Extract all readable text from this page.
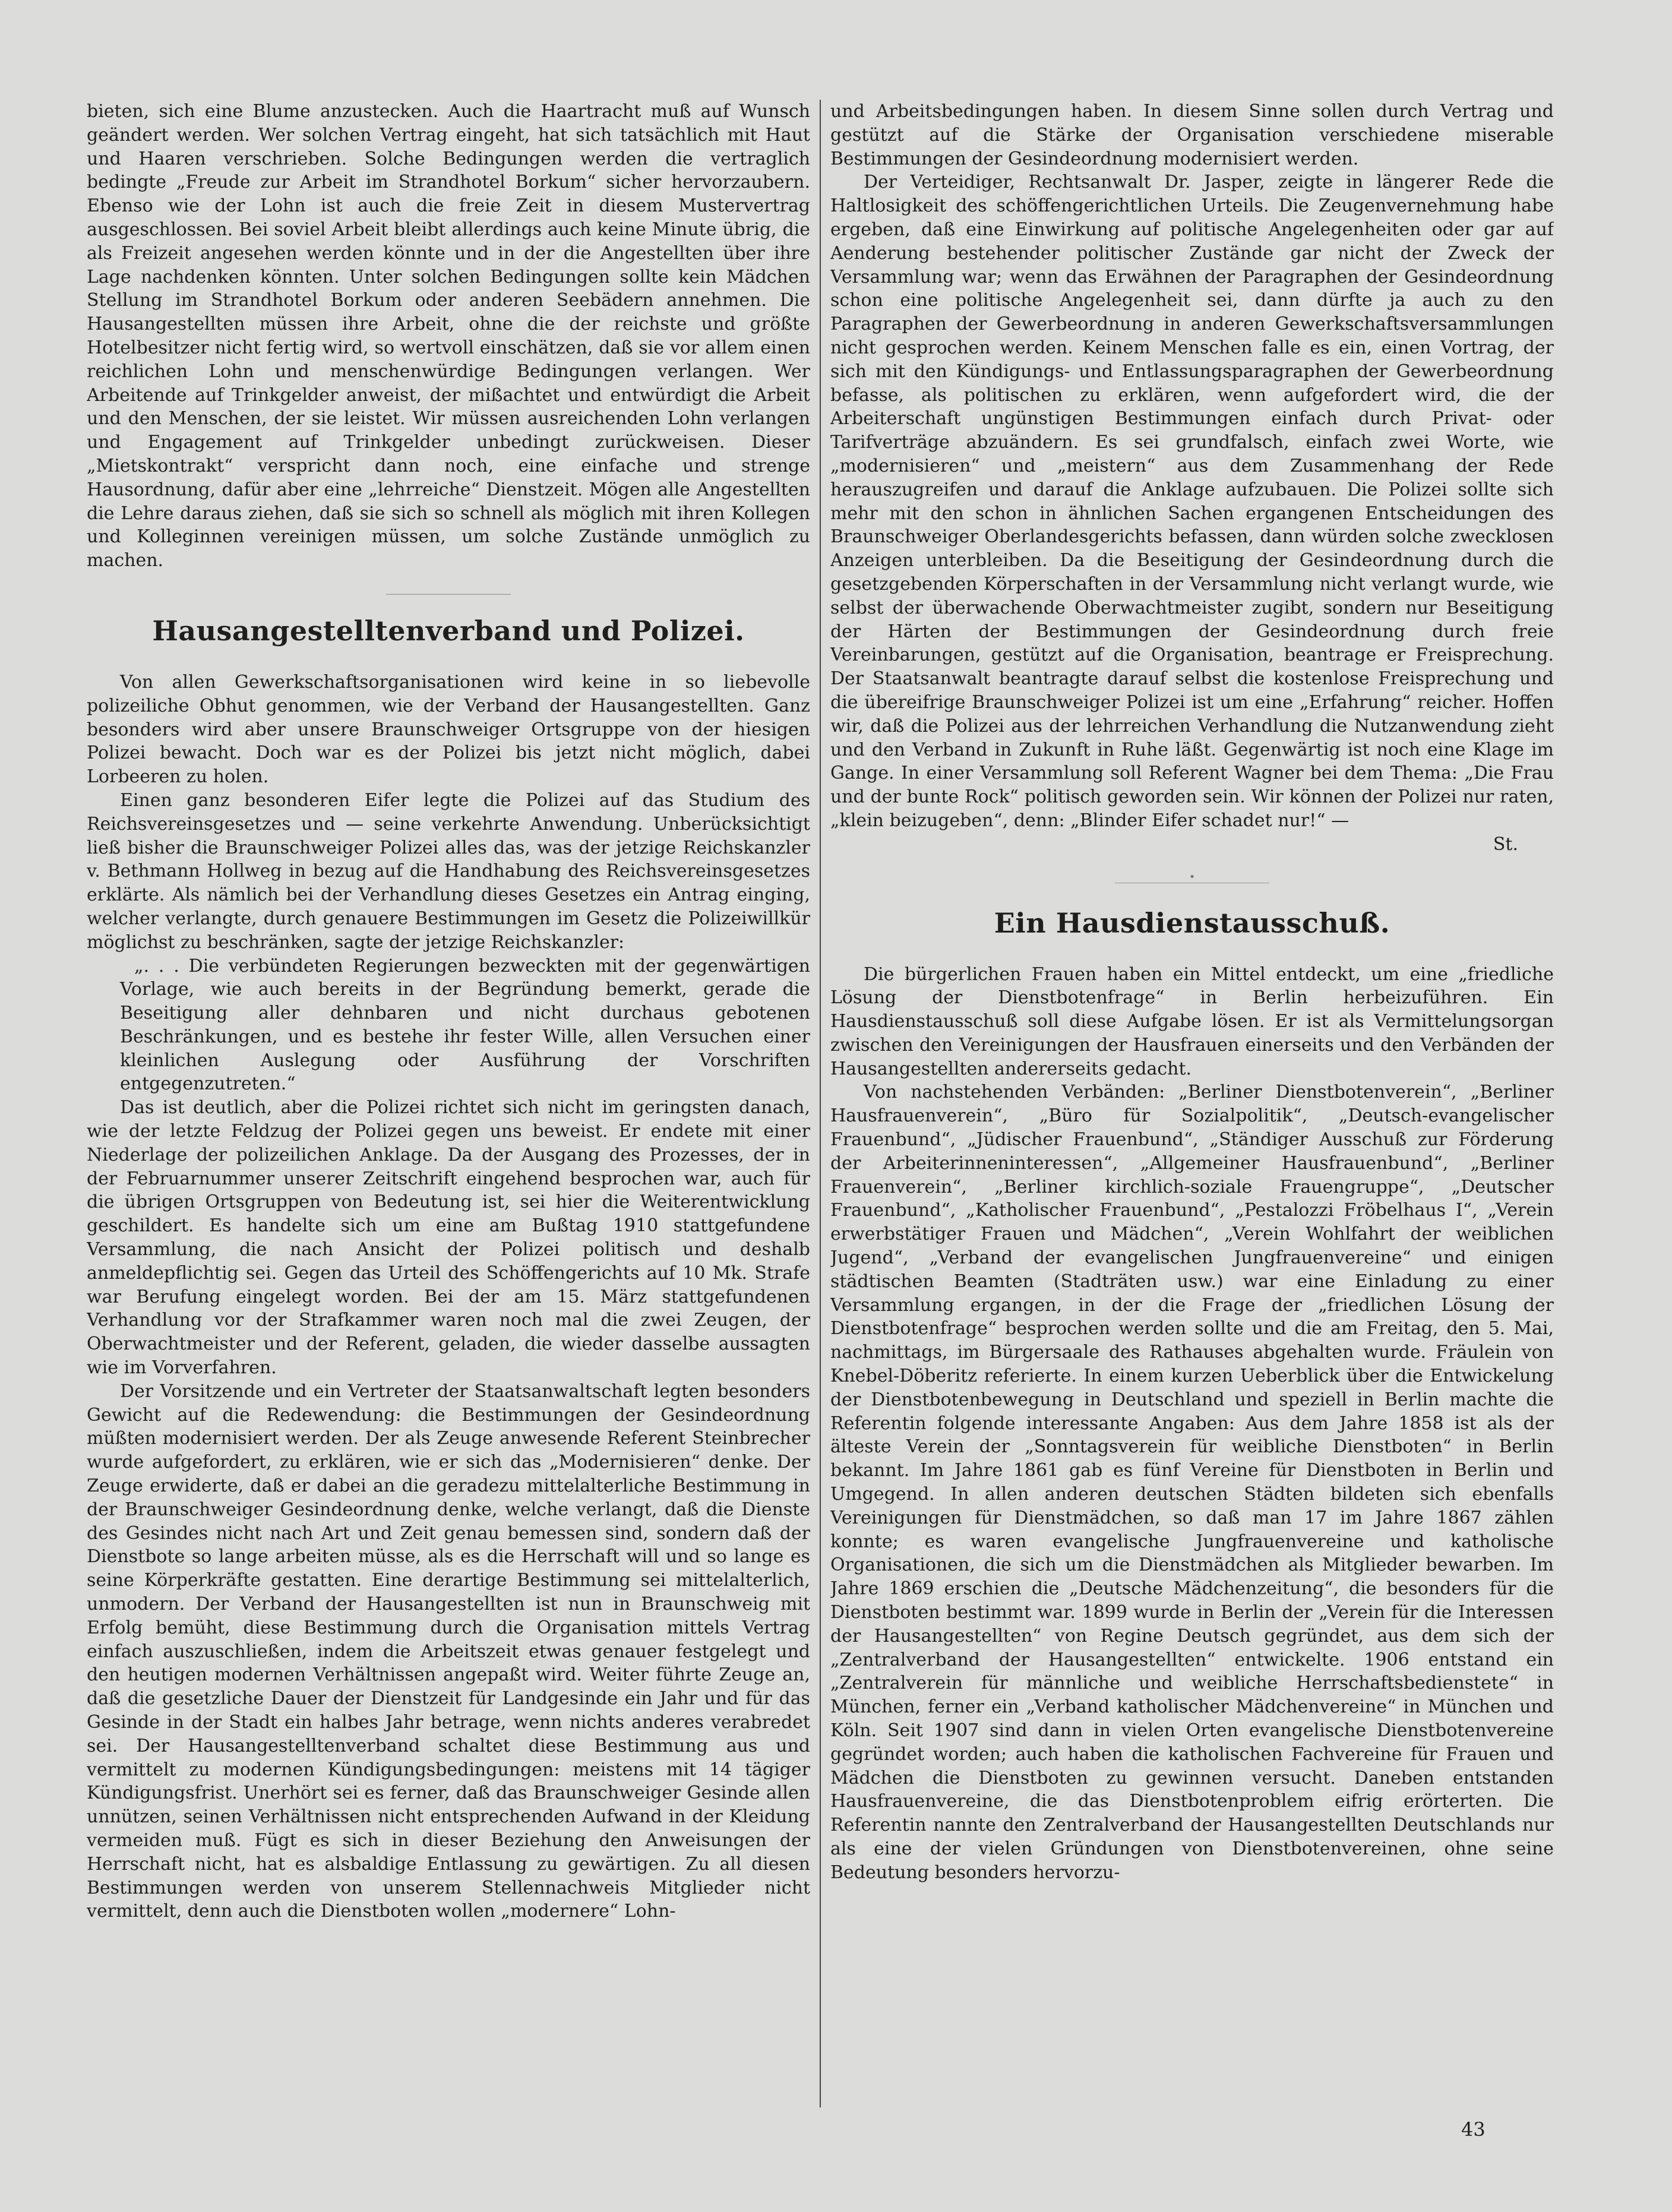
bieten, sich eine Blume anzustecken. Auch die Haartracht muß auf Wunsch geändert werden. Wer solchen Vertrag eingeht, hat sich tatsächlich mit Haut und Haaren verschrieben. Solche Bedingungen werden die vertraglich bedingte „Freude zur Arbeit im Strandhotel Borkum“ sicher hervorzaubern. Ebenso wie der Lohn ist auch die freie Zeit in diesem Mustervertrag ausgeschlossen. Bei soviel Arbeit bleibt allerdings auch keine Minute übrig, die als Freizeit angesehen werden könnte und in der die Angestellten über ihre Lage nachdenken könnten. Unter solchen Bedingungen sollte kein Mädchen Stellung im Strandhotel Borkum oder anderen Seebädern annehmen. Die Hausangestellten müssen ihre Arbeit, ohne die der reichste und größte Hotelbesitzer nicht fertig wird, so wertvoll einschätzen, daß sie vor allem einen reichlichen Lohn und menschenwürdige Bedingungen verlangen. Wer Arbeitende auf Trinkgelder anweist, der mißachtet und entwürdigt die Arbeit und den Menschen, der sie leistet. Wir müssen ausreichenden Lohn verlangen und Engagement auf Trinkgelder unbedingt zurückweisen. Dieser „Mietskontrakt“ verspricht dann noch, eine einfache und strenge Hausordnung, dafür aber eine „lehrreiche“ Dienstzeit. Mögen alle Angestellten die Lehre daraus ziehen, daß sie sich so schnell als möglich mit ihren Kollegen und Kolleginnen vereinigen müssen, um solche Zustände unmöglich zu machen.

Hausangestelltenverband und Polizei.

Von allen Gewerkschaftsorganisationen wird keine in so liebevolle polizeiliche Obhut genommen, wie der Verband der Hausangestellten. Ganz besonders wird aber unsere Braunschweiger Ortsgruppe von der hiesigen Polizei bewacht. Doch war es der Polizei bis jetzt nicht möglich, dabei Lorbeeren zu holen.

Einen ganz besonderen Eifer legte die Polizei auf das Studium des Reichsvereinsgesetzes und — seine verkehrte Anwendung. Unberücksichtigt ließ bisher die Braunschweiger Polizei alles das, was der jetzige Reichskanzler v. Bethmann Hollweg in bezug auf die Handhabung des Reichsvereinsgesetzes erklärte. Als nämlich bei der Verhandlung dieses Gesetzes ein Antrag einging, welcher verlangte, durch genauere Bestimmungen im Gesetz die Polizeiwillkür möglichst zu beschränken, sagte der jetzige Reichskanzler:

„. . . Die verbündeten Regierungen bezweckten mit der gegenwärtigen Vorlage, wie auch bereits in der Begründung bemerkt, gerade die Beseitigung aller dehnbaren und nicht durchaus gebotenen Beschränkungen, und es bestehe ihr fester Wille, allen Versuchen einer kleinlichen Auslegung oder Ausführung der Vorschriften entgegenzutreten.“

Das ist deutlich, aber die Polizei richtet sich nicht im geringsten danach, wie der letzte Feldzug der Polizei gegen uns beweist. Er endete mit einer Niederlage der polizeilichen Anklage. Da der Ausgang des Prozesses, der in der Februarnummer unserer Zeitschrift eingehend besprochen war, auch für die übrigen Ortsgruppen von Bedeutung ist, sei hier die Weiterentwicklung geschildert. Es handelte sich um eine am Bußtag 1910 stattgefundene Versammlung, die nach Ansicht der Polizei politisch und deshalb anmeldepflichtig sei. Gegen das Urteil des Schöffengerichts auf 10 Mk. Strafe war Berufung eingelegt worden. Bei der am 15. März stattgefundenen Verhandlung vor der Strafkammer waren noch mal die zwei Zeugen, der Oberwachtmeister und der Referent, geladen, die wieder dasselbe aussagten wie im Vorverfahren.

Der Vorsitzende und ein Vertreter der Staatsanwaltschaft legten besonders Gewicht auf die Redewendung: die Bestimmungen der Gesindeordnung müßten modernisiert werden. Der als Zeuge anwesende Referent Steinbrecher wurde aufgefordert, zu erklären, wie er sich das „Modernisieren“ denke. Der Zeuge erwiderte, daß er dabei an die geradezu mittelalterliche Bestimmung in der Braunschweiger Gesindeordnung denke, welche verlangt, daß die Dienste des Gesindes nicht nach Art und Zeit genau bemessen sind, sondern daß der Dienstbote so lange arbeiten müsse, als es die Herrschaft will und so lange es seine Körperkräfte gestatten. Eine derartige Bestimmung sei mittelalterlich, unmodern. Der Verband der Hausangestellten ist nun in Braunschweig mit Erfolg bemüht, diese Bestimmung durch die Organisation mittels Vertrag einfach auszuschließen, indem die Arbeitszeit etwas genauer festgelegt und den heutigen modernen Verhältnissen angepaßt wird. Weiter führte Zeuge an, daß die gesetzliche Dauer der Dienstzeit für Landgesinde ein Jahr und für das Gesinde in der Stadt ein halbes Jahr betrage, wenn nichts anderes verabredet sei. Der Hausangestelltenverband schaltet diese Bestimmung aus und vermittelt zu modernen Kündigungsbedingungen: meistens mit 14 tägiger Kündigungsfrist. Unerhört sei es ferner, daß das Braunschweiger Gesinde allen unnützen, seinen Verhältnissen nicht entsprechenden Aufwand in der Kleidung vermeiden muß. Fügt es sich in dieser Beziehung den Anweisungen der Herrschaft nicht, hat es alsbaldige Entlassung zu gewärtigen. Zu all diesen Bestimmungen werden von unserem Stellennachweis Mitglieder nicht vermittelt, denn auch die Dienstboten wollen „modernere“ Lohn-

und Arbeitsbedingungen haben. In diesem Sinne sollen durch Vertrag und gestützt auf die Stärke der Organisation verschiedene miserable Bestimmungen der Gesindeordnung modernisiert werden.

Der Verteidiger, Rechtsanwalt Dr. Jasper, zeigte in längerer Rede die Haltlosigkeit des schöffengerichtlichen Urteils. Die Zeugenvernehmung habe ergeben, daß eine Einwirkung auf politische Angelegenheiten oder gar auf Aenderung bestehender politischer Zustände gar nicht der Zweck der Versammlung war; wenn das Erwähnen der Paragraphen der Gesindeordnung schon eine politische Angelegenheit sei, dann dürfte ja auch zu den Paragraphen der Gewerbeordnung in anderen Gewerkschaftsversammlungen nicht gesprochen werden. Keinem Menschen falle es ein, einen Vortrag, der sich mit den Kündigungs- und Entlassungsparagraphen der Gewerbeordnung befasse, als politischen zu erklären, wenn aufgefordert wird, die der Arbeiterschaft ungünstigen Bestimmungen einfach durch Privat- oder Tarifverträge abzuändern. Es sei grundfalsch, einfach zwei Worte, wie „modernisieren“ und „meistern“ aus dem Zusammenhang der Rede herauszugreifen und darauf die Anklage aufzubauen. Die Polizei sollte sich mehr mit den schon in ähnlichen Sachen ergangenen Entscheidungen des Braunschweiger Oberlandesgerichts befassen, dann würden solche zwecklosen Anzeigen unterbleiben. Da die Beseitigung der Gesindeordnung durch die gesetzgebenden Körperschaften in der Versammlung nicht verlangt wurde, wie selbst der überwachende Oberwachtmeister zugibt, sondern nur Beseitigung der Härten der Bestimmungen der Gesindeordnung durch freie Vereinbarungen, gestützt auf die Organisation, beantrage er Freisprechung. Der Staatsanwalt beantragte darauf selbst die kostenlose Freisprechung und die übereifrige Braunschweiger Polizei ist um eine „Erfahrung“ reicher. Hoffen wir, daß die Polizei aus der lehrreichen Verhandlung die Nutzanwendung zieht und den Verband in Zukunft in Ruhe läßt. Gegenwärtig ist noch eine Klage im Gange. In einer Versammlung soll Referent Wagner bei dem Thema: „Die Frau und der bunte Rock“ politisch geworden sein. Wir können der Polizei nur raten, „klein beizugeben“, denn: „Blinder Eifer schadet nur!“ —

St.
•
Ein Hausdienstausschuß.

Die bürgerlichen Frauen haben ein Mittel entdeckt, um eine „friedliche Lösung der Dienstbotenfrage“ in Berlin herbeizuführen. Ein Hausdienstausschuß soll diese Aufgabe lösen. Er ist als Vermittelungsorgan zwischen den Vereinigungen der Hausfrauen einerseits und den Verbänden der Hausangestellten andererseits gedacht.

Von nachstehenden Verbänden: „Berliner Dienstbotenverein“, „Berliner Hausfrauenverein“, „Büro für Sozialpolitik“, „Deutsch-evangelischer Frauenbund“, „Jüdischer Frauenbund“, „Ständiger Ausschuß zur Förderung der Arbeiterinneninteressen“, „Allgemeiner Hausfrauenbund“, „Berliner Frauenverein“, „Berliner kirchlich-soziale Frauengruppe“, „Deutscher Frauenbund“, „Katholischer Frauenbund“, „Pestalozzi Fröbelhaus I“, „Verein erwerbstätiger Frauen und Mädchen“, „Verein Wohlfahrt der weiblichen Jugend“, „Verband der evangelischen Jungfrauenvereine“ und einigen städtischen Beamten (Stadträten usw.) war eine Einladung zu einer Versammlung ergangen, in der die Frage der „friedlichen Lösung der Dienstbotenfrage“ besprochen werden sollte und die am Freitag, den 5. Mai, nachmittags, im Bürgersaale des Rathauses abgehalten wurde. Fräulein von Knebel-Döberitz referierte. In einem kurzen Ueberblick über die Entwickelung der Dienstbotenbewegung in Deutschland und speziell in Berlin machte die Referentin folgende interessante Angaben: Aus dem Jahre 1858 ist als der älteste Verein der „Sonntagsverein für weibliche Dienstboten“ in Berlin bekannt. Im Jahre 1861 gab es fünf Vereine für Dienstboten in Berlin und Umgegend. In allen anderen deutschen Städten bildeten sich ebenfalls Vereinigungen für Dienstmädchen, so daß man 17 im Jahre 1867 zählen konnte; es waren evangelische Jungfrauenvereine und katholische Organisationen, die sich um die Dienstmädchen als Mitglieder bewarben. Im Jahre 1869 erschien die „Deutsche Mädchenzeitung“, die besonders für die Dienstboten bestimmt war. 1899 wurde in Berlin der „Verein für die Interessen der Hausangestellten“ von Regine Deutsch gegründet, aus dem sich der „Zentralverband der Hausangestellten“ entwickelte. 1906 entstand ein „Zentralverein für männliche und weibliche Herrschaftsbedienstete“ in München, ferner ein „Verband katholischer Mädchenvereine“ in München und Köln. Seit 1907 sind dann in vielen Orten evangelische Dienstbotenvereine gegründet worden; auch haben die katholischen Fachvereine für Frauen und Mädchen die Dienstboten zu gewinnen versucht. Daneben entstanden Hausfrauenvereine, die das Dienstbotenproblem eifrig erörterten. Die Referentin nannte den Zentralverband der Hausangestellten Deutschlands nur als eine der vielen Gründungen von Dienstbotenvereinen, ohne seine Bedeutung besonders hervorzu-

43
